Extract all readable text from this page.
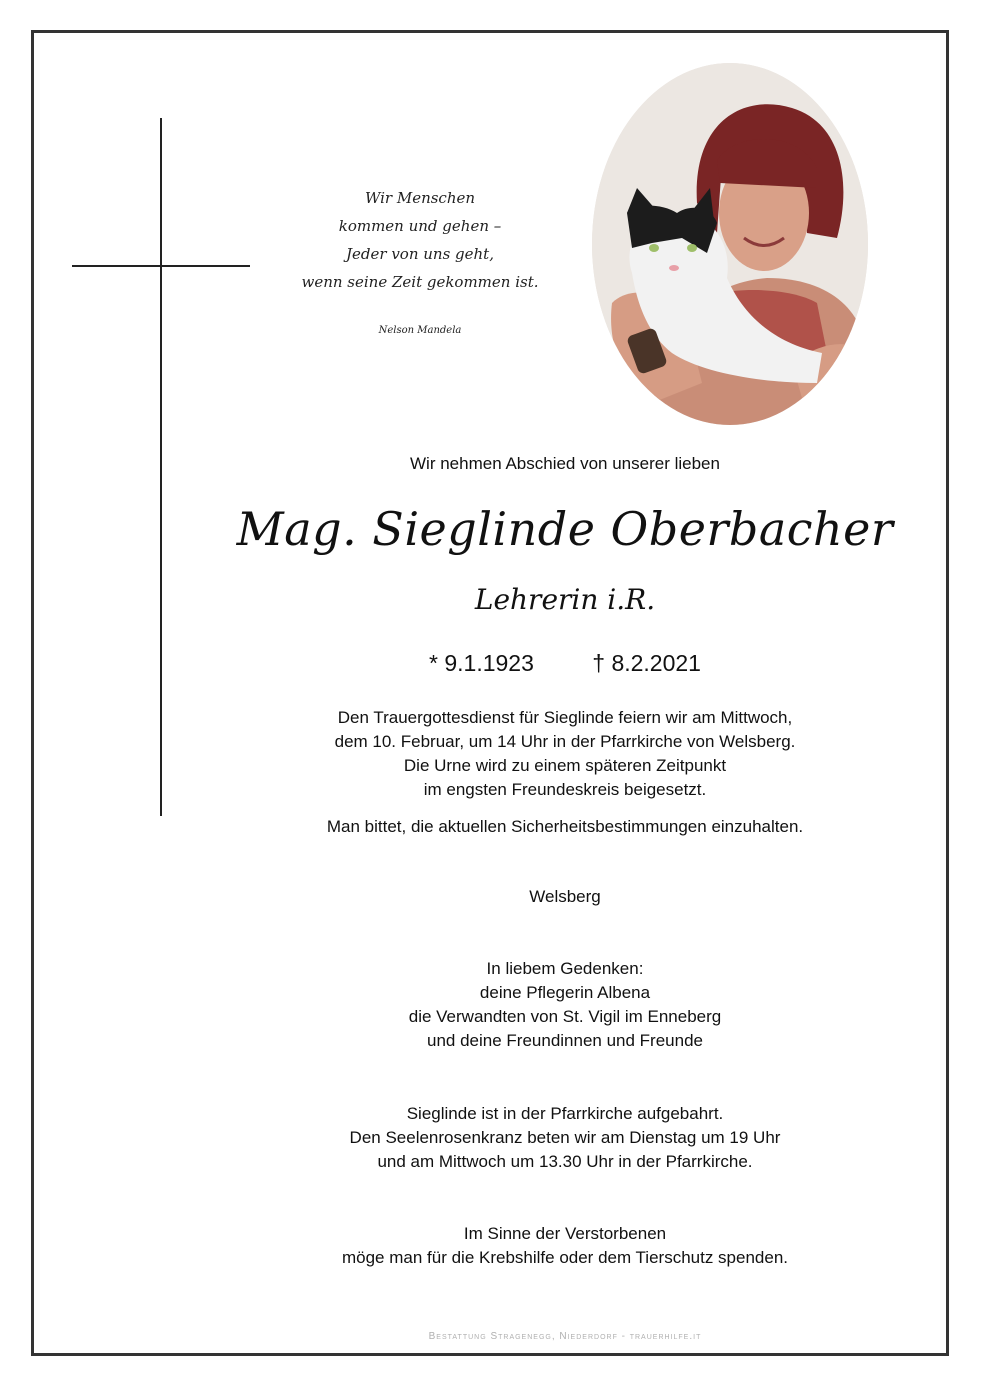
Wir Menschen
kommen und gehen –
Jeder von uns geht,
wenn seine Zeit gekommen ist.
Nelson Mandela
Wir nehmen Abschied von unserer lieben
Mag. Sieglinde Oberbacher
Lehrerin i.R.
* 9.1.1923	† 8.2.2021
Den Trauergottesdienst für Sieglinde feiern wir am Mittwoch,
dem 10. Februar, um 14 Uhr in der Pfarrkirche von Welsberg.
Die Urne wird zu einem späteren Zeitpunkt
im engsten Freundeskreis beigesetzt.
Man bittet, die aktuellen Sicherheitsbestimmungen einzuhalten.
Welsberg
In liebem Gedenken:
deine Pflegerin Albena
die Verwandten von St. Vigil im Enneberg
und deine Freundinnen und Freunde
Sieglinde ist in der Pfarrkirche aufgebahrt.
Den Seelenrosenkranz beten wir am Dienstag um 19 Uhr
und am Mittwoch um 13.30 Uhr in der Pfarrkirche.
Im Sinne der Verstorbenen
möge man für die Krebshilfe oder dem Tierschutz spenden.
Bestattung Stragenegg, Niederdorf - trauerhilfe.it
